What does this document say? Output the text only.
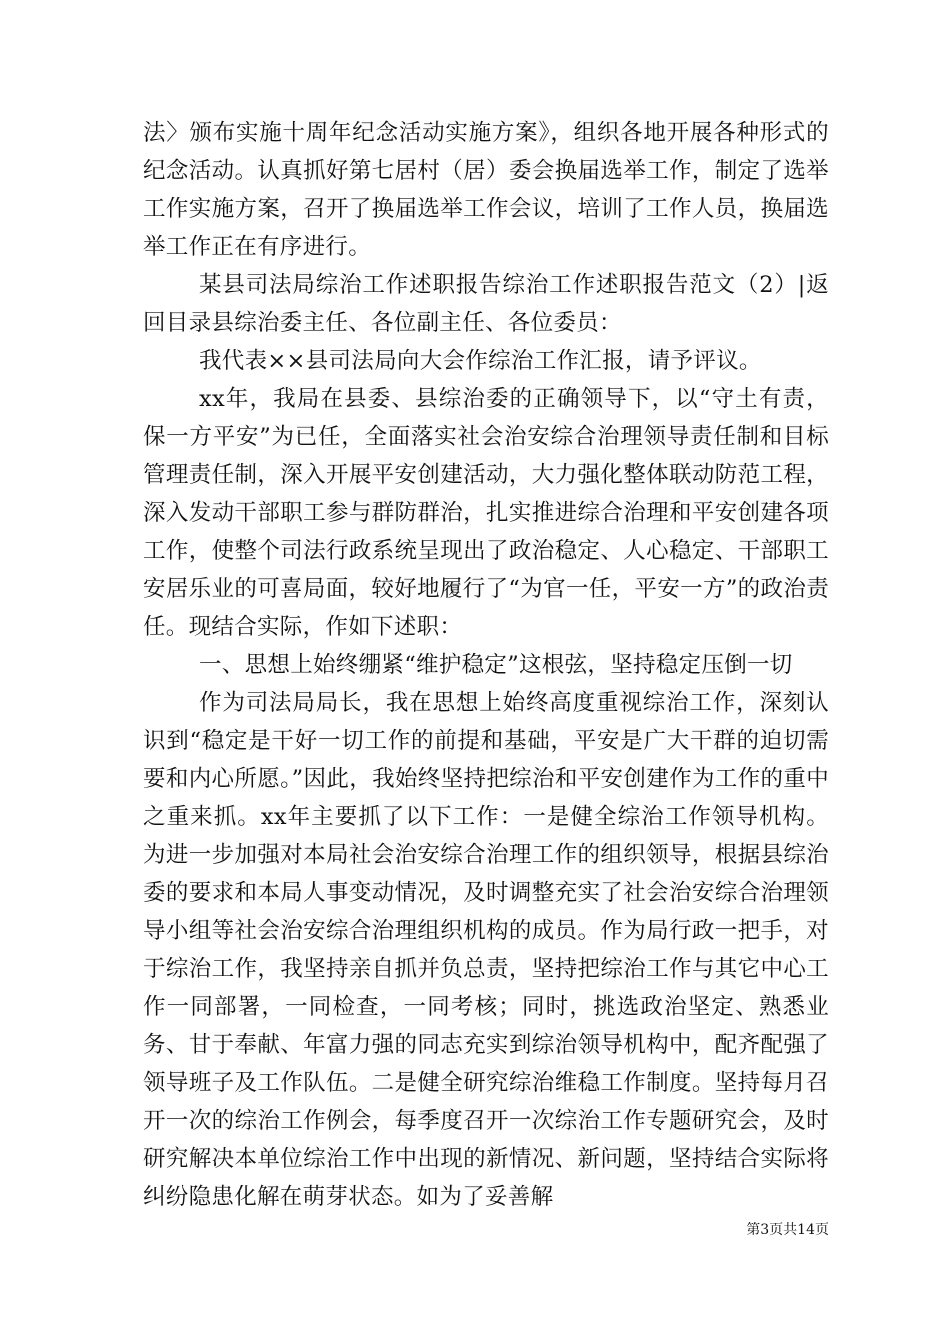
法〉颁布实施十周年纪念活动实施方案》，组织各地开展各种形式的纪念活动。认真抓好第七居村（居）委会换届选举工作，制定了选举工作实施方案，召开了换届选举工作会议，培训了工作人员，换届选举工作正在有序进行。

某县司法局综治工作述职报告综治工作述职报告范文（2）|返回目录县综治委主任、各位副主任、各位委员：

我代表××县司法局向大会作综治工作汇报，请予评议。

xx年，我局在县委、县综治委的正确领导下，以“守土有责，保一方平安”为已任，全面落实社会治安综合治理领导责任制和目标管理责任制，深入开展平安创建活动，大力强化整体联动防范工程，深入发动干部职工参与群防群治，扎实推进综合治理和平安创建各项工作，使整个司法行政系统呈现出了政治稳定、人心稳定、干部职工安居乐业的可喜局面，较好地履行了“为官一任，平安一方”的政治责任。现结合实际，作如下述职：

一、思想上始终绷紧“维护稳定”这根弦，坚持稳定压倒一切

作为司法局局长，我在思想上始终高度重视综治工作，深刻认识到“稳定是干好一切工作的前提和基础，平安是广大干群的迫切需要和内心所愿。”因此，我始终坚持把综治和平安创建作为工作的重中之重来抓。xx年主要抓了以下工作：一是健全综治工作领导机构。为进一步加强对本局社会治安综合治理工作的组织领导，根据县综治委的要求和本局人事变动情况，及时调整充实了社会治安综合治理领导小组等社会治安综合治理组织机构的成员。作为局行政一把手，对于综治工作，我坚持亲自抓并负总责，坚持把综治工作与其它中心工作一同部署，一同检查，一同考核；同时，挑选政治坚定、熟悉业务、甘于奉献、年富力强的同志充实到综治领导机构中，配齐配强了领导班子及工作队伍。二是健全研究综治维稳工作制度。坚持每月召开一次的综治工作例会，每季度召开一次综治工作专题研究会，及时研究解决本单位综治工作中出现的新情况、新问题，坚持结合实际将纠纷隐患化解在萌芽状态。如为了妥善解

第3页共14页
